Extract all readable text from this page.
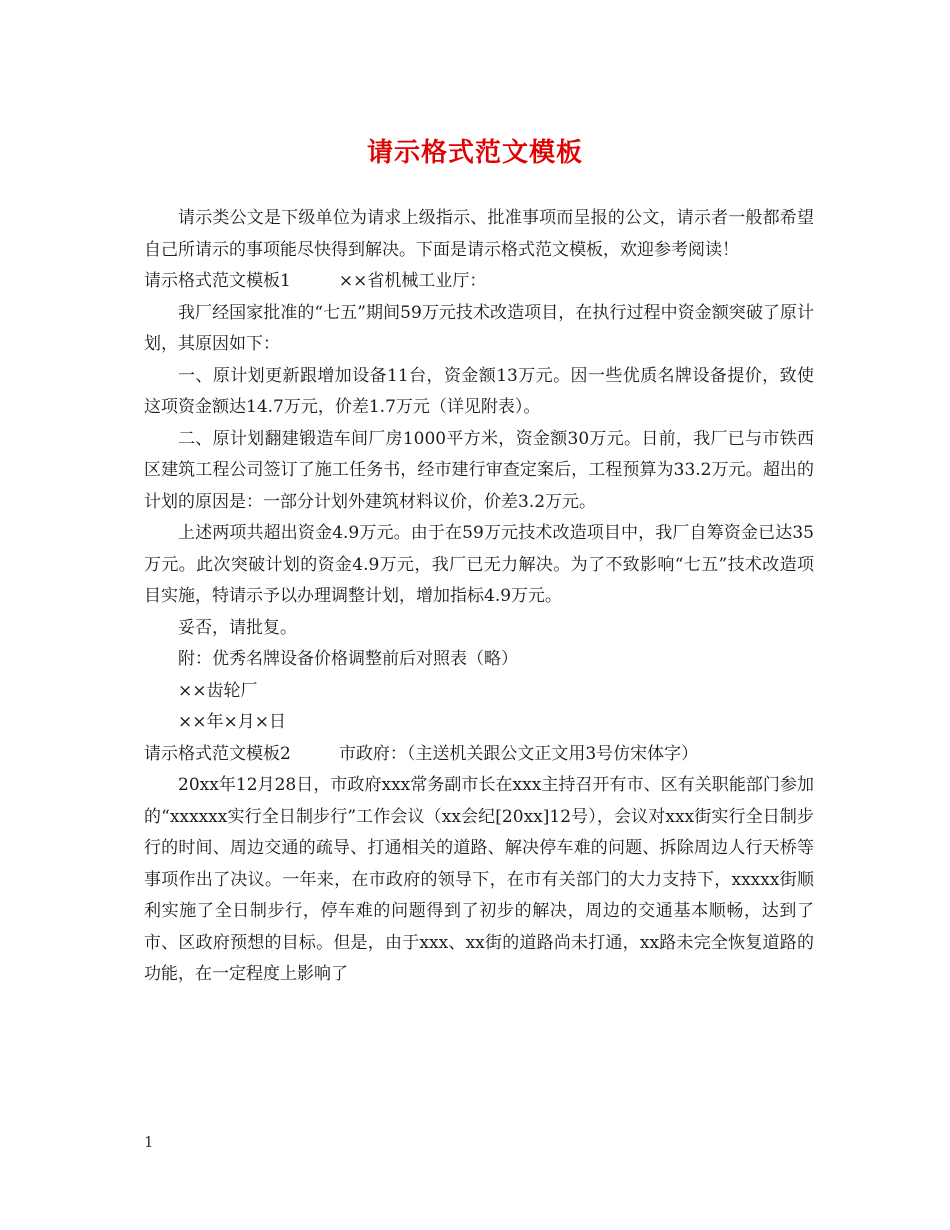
请示格式范文模板

请示类公文是下级单位为请求上级指示、批准事项而呈报的公文，请示者一般都希望自己所请示的事项能尽快得到解决。下面是请示格式范文模板，欢迎参考阅读！

请示格式范文模板1	××省机械工业厅：

我厂经国家批准的“七五”期间59万元技术改造项目，在执行过程中资金额突破了原计划，其原因如下：

一、原计划更新跟增加设备11台，资金额13万元。因一些优质名牌设备提价，致使这项资金额达14.7万元，价差1.7万元（详见附表）。

二、原计划翻建锻造车间厂房1000平方米，资金额30万元。日前，我厂已与市铁西区建筑工程公司签订了施工任务书，经市建行审查定案后，工程预算为33.2万元。超出的计划的原因是：一部分计划外建筑材料议价，价差3.2万元。

上述两项共超出资金4.9万元。由于在59万元技术改造项目中，我厂自筹资金已达35万元。此次突破计划的资金4.9万元，我厂已无力解决。为了不致影响“七五”技术改造项目实施，特请示予以办理调整计划，增加指标4.9万元。

妥否，请批复。

附：优秀名牌设备价格调整前后对照表（略）

××齿轮厂

××年×月×日

请示格式范文模板2	市政府：（主送机关跟公文正文用3号仿宋体字）

20xx年12月28日，市政府xxx常务副市长在xxx主持召开有市、区有关职能部门参加的“xxxxxx实行全日制步行”工作会议（xx会纪[20xx]12号），会议对xxx街实行全日制步行的时间、周边交通的疏导、打通相关的道路、解决停车难的问题、拆除周边人行天桥等事项作出了决议。一年来，在市政府的领导下，在市有关部门的大力支持下，xxxxx街顺利实施了全日制步行，停车难的问题得到了初步的解决，周边的交通基本顺畅，达到了市、区政府预想的目标。但是，由于xxx、xx街的道路尚未打通，xx路未完全恢复道路的功能，在一定程度上影响了

1
